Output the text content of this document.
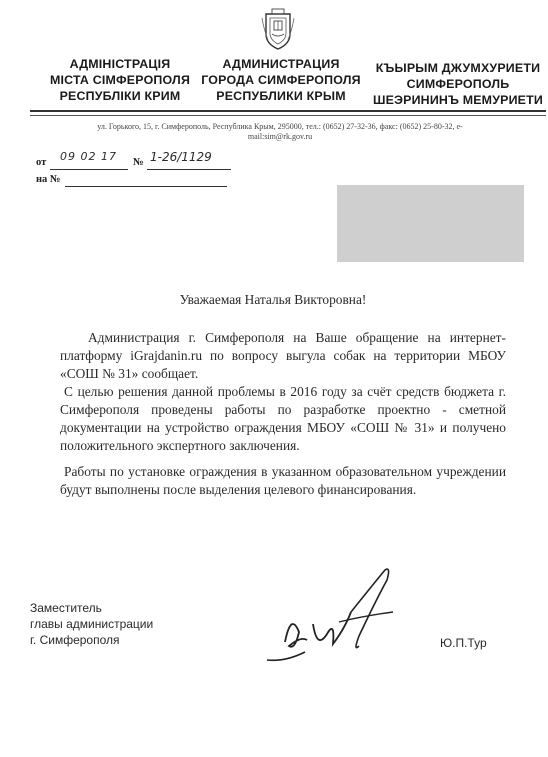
АДМІНІСТРАЦІЯ
МІСТА СІМФЕРОПОЛЯ
РЕСПУБЛІКИ КРИМ
АДМИНИСТРАЦИЯ
ГОРОДА СИМФЕРОПОЛЯ
РЕСПУБЛИКИ КРЫМ
КЪЫРЫМ ДЖУМХУРИЕТИ
СИМФЕРОПОЛЬ
ШЕЭРИНИНЪ МЕМУРИЕТИ
ул. Горького, 15, г. Симферополь, Республика Крым, 295000, тел.: (0652) 27-32-36, факс: (0652) 25-80-32, e-
mail:sim@rk.gov.ru
от 09 02 17 № 1-26/1129
на №
Уважаемая Наталья Викторовна!
Администрация г. Симферополя на Ваше обращение на интернет-платформу iGrajdanin.ru по вопросу выгула собак на территории МБОУ «СОШ № 31» сообщает.
С целью решения данной проблемы в 2016 году за счёт средств бюджета г. Симферополя проведены работы по разработке проектно - сметной документации на устройство ограждения МБОУ «СОШ № 31» и получено положительного экспертного заключения.
Работы по установке ограждения в указанном образовательном учреждении будут выполнены после выделения целевого финансирования.
Заместитель
главы администрации
г. Симферополя	Ю.П.Тур
